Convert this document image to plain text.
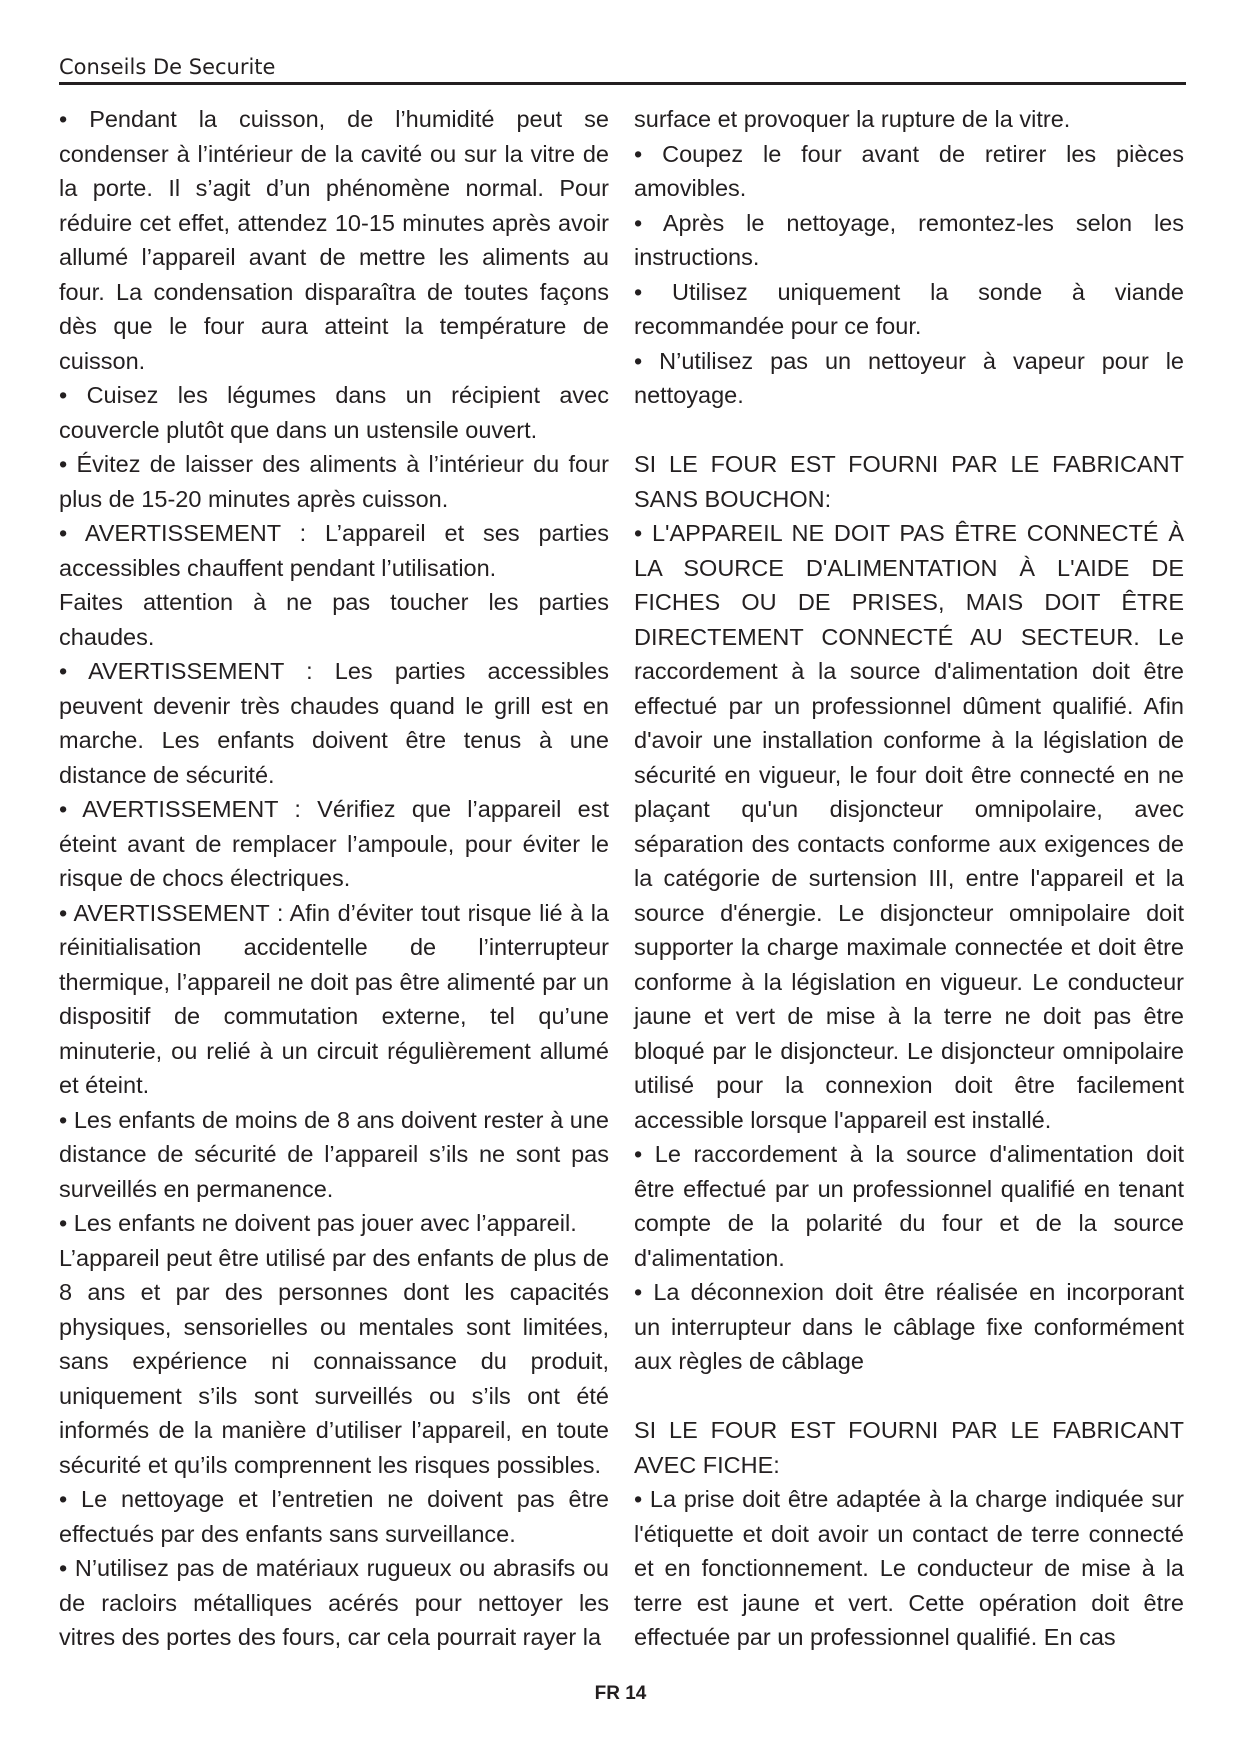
Conseils De Securite

• Pendant la cuisson, de l’humidité peut se condenser à l’intérieur de la cavité ou sur la vitre de la porte. Il s’agit d’un phénomène normal. Pour réduire cet effet, attendez 10-15 minutes après avoir allumé l’appareil avant de mettre les aliments au four. La condensation disparaîtra de toutes façons dès que le four aura atteint la température de cuisson.

• Cuisez les légumes dans un récipient avec couvercle plutôt que dans un ustensile ouvert.

• Évitez de laisser des aliments à l’intérieur du four plus de 15-20 minutes après cuisson.

• AVERTISSEMENT : L’appareil et ses parties accessibles chauffent pendant l’utilisation.

Faites attention à ne pas toucher les parties chaudes.

• AVERTISSEMENT : Les parties accessibles peuvent devenir très chaudes quand le grill est en marche. Les enfants doivent être tenus à une distance de sécurité.

• AVERTISSEMENT : Vérifiez que l’appareil est éteint avant de remplacer l’ampoule, pour éviter le risque de chocs électriques.

• AVERTISSEMENT : Afin d’éviter tout risque lié à la réinitialisation accidentelle de l’interrupteur thermique, l’appareil ne doit pas être alimenté par un dispositif de commutation externe, tel qu’une minuterie, ou relié à un circuit régulièrement allumé et éteint.

• Les enfants de moins de 8 ans doivent rester à une distance de sécurité de l’appareil s’ils ne sont pas surveillés en permanence.

• Les enfants ne doivent pas jouer avec l’appareil.

L’appareil peut être utilisé par des enfants de plus de 8 ans et par des personnes dont les capacités physiques, sensorielles ou mentales sont limitées, sans expérience ni connaissance du produit, uniquement s’ils sont surveillés ou s’ils ont été informés de la manière d’utiliser l’appareil, en toute sécurité et qu’ils comprennent les risques possibles.

• Le nettoyage et l’entretien ne doivent pas être effectués par des enfants sans surveillance.

• N’utilisez pas de matériaux rugueux ou abrasifs ou de racloirs métalliques acérés pour nettoyer les vitres des portes des fours, car cela pourrait rayer la

surface et provoquer la rupture de la vitre.

• Coupez le four avant de retirer les pièces amovibles.

• Après le nettoyage, remontez-les selon les instructions.

• Utilisez uniquement la sonde à viande recommandée pour ce four.

• N’utilisez pas un nettoyeur à vapeur pour le nettoyage.

SI LE FOUR EST FOURNI PAR LE FABRICANT SANS BOUCHON:

• L'APPAREIL NE DOIT PAS ÊTRE CONNECTÉ À LA SOURCE D'ALIMENTATION À L'AIDE DE FICHES OU DE PRISES, MAIS DOIT ÊTRE DIRECTEMENT CONNECTÉ AU SECTEUR. Le raccordement à la source d'alimentation doit être effectué par un professionnel dûment qualifié. Afin d'avoir une installation conforme à la législation de sécurité en vigueur, le four doit être connecté en ne plaçant qu'un disjoncteur omnipolaire, avec séparation des contacts conforme aux exigences de la catégorie de surtension III, entre l'appareil et la source d'énergie. Le disjoncteur omnipolaire doit supporter la charge maximale connectée et doit être conforme à la législation en vigueur. Le conducteur jaune et vert de mise à la terre ne doit pas être bloqué par le disjoncteur. Le disjoncteur omnipolaire utilisé pour la connexion doit être facilement accessible lorsque l'appareil est installé.

• Le raccordement à la source d'alimentation doit être effectué par un professionnel qualifié en tenant compte de la polarité du four et de la source d'alimentation.

• La déconnexion doit être réalisée en incorporant un interrupteur dans le câblage fixe conformément aux règles de câblage

SI LE FOUR EST FOURNI PAR LE FABRICANT AVEC FICHE:

• La prise doit être adaptée à la charge indiquée sur l'étiquette et doit avoir un contact de terre connecté et en fonctionnement. Le conducteur de mise à la terre est jaune et vert. Cette opération doit être effectuée par un professionnel qualifié. En cas

FR 14
